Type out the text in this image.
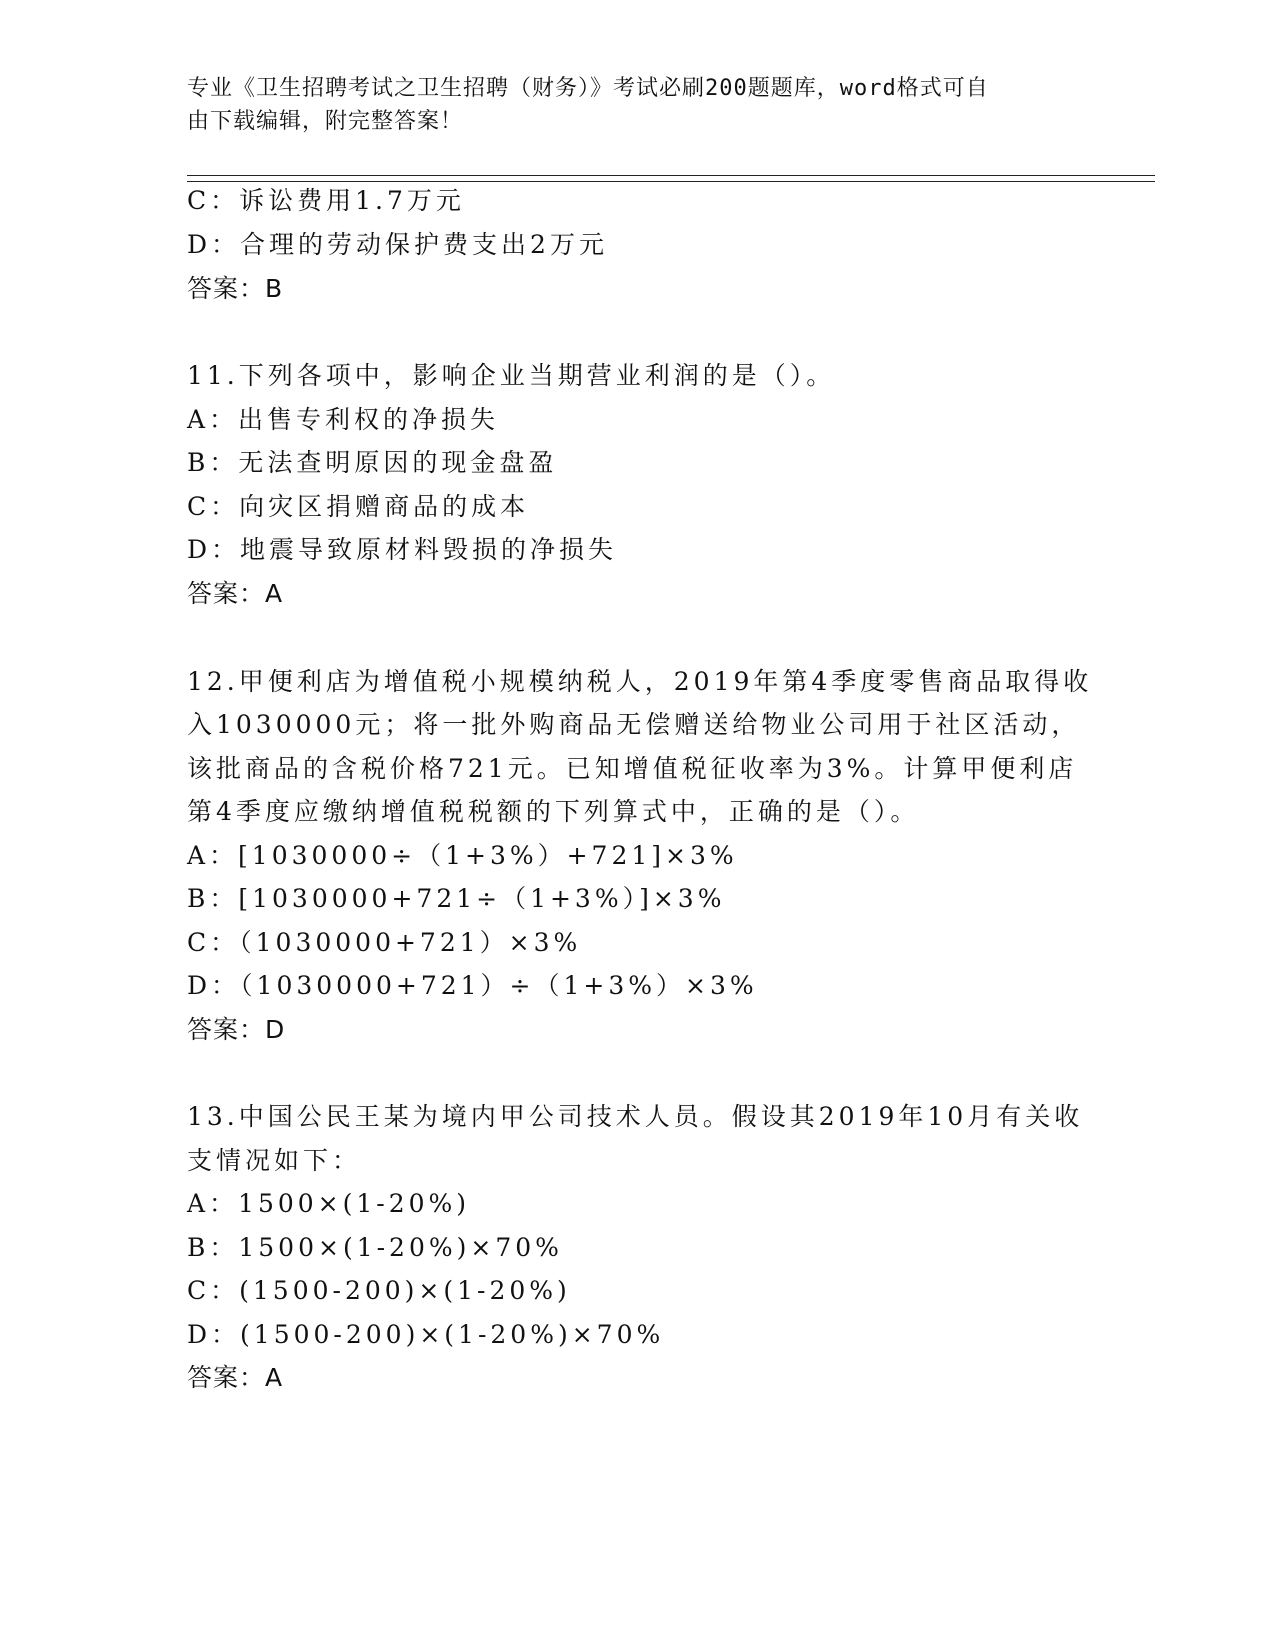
专业《卫生招聘考试之卫生招聘（财务）》考试必刷200题题库，word格式可自
由下载编辑，附完整答案！
C：诉讼费用1.7万元
D：合理的劳动保护费支出2万元
答案：B
11.下列各项中，影响企业当期营业利润的是（）。
A：出售专利权的净损失
B：无法查明原因的现金盘盈
C：向灾区捐赠商品的成本
D：地震导致原材料毁损的净损失
答案：A
12.甲便利店为增值税小规模纳税人，2019年第4季度零售商品取得收
入1030000元；将一批外购商品无偿赠送给物业公司用于社区活动，
该批商品的含税价格721元。已知增值税征收率为3%。计算甲便利店
第4季度应缴纳增值税税额的下列算式中，正确的是（）。
A：[1030000÷（1+3%）+721]×3%
B：[1030000+721÷（1+3%）]×3%
C：（1030000+721）×3%
D：（1030000+721）÷（1+3%）×3%
答案：D
13.中国公民王某为境内甲公司技术人员。假设其2019年10月有关收
支情况如下：
A：1500×(1-20%)
B：1500×(1-20%)×70%
C：(1500-200)×(1-20%)
D：(1500-200)×(1-20%)×70%
答案：A
